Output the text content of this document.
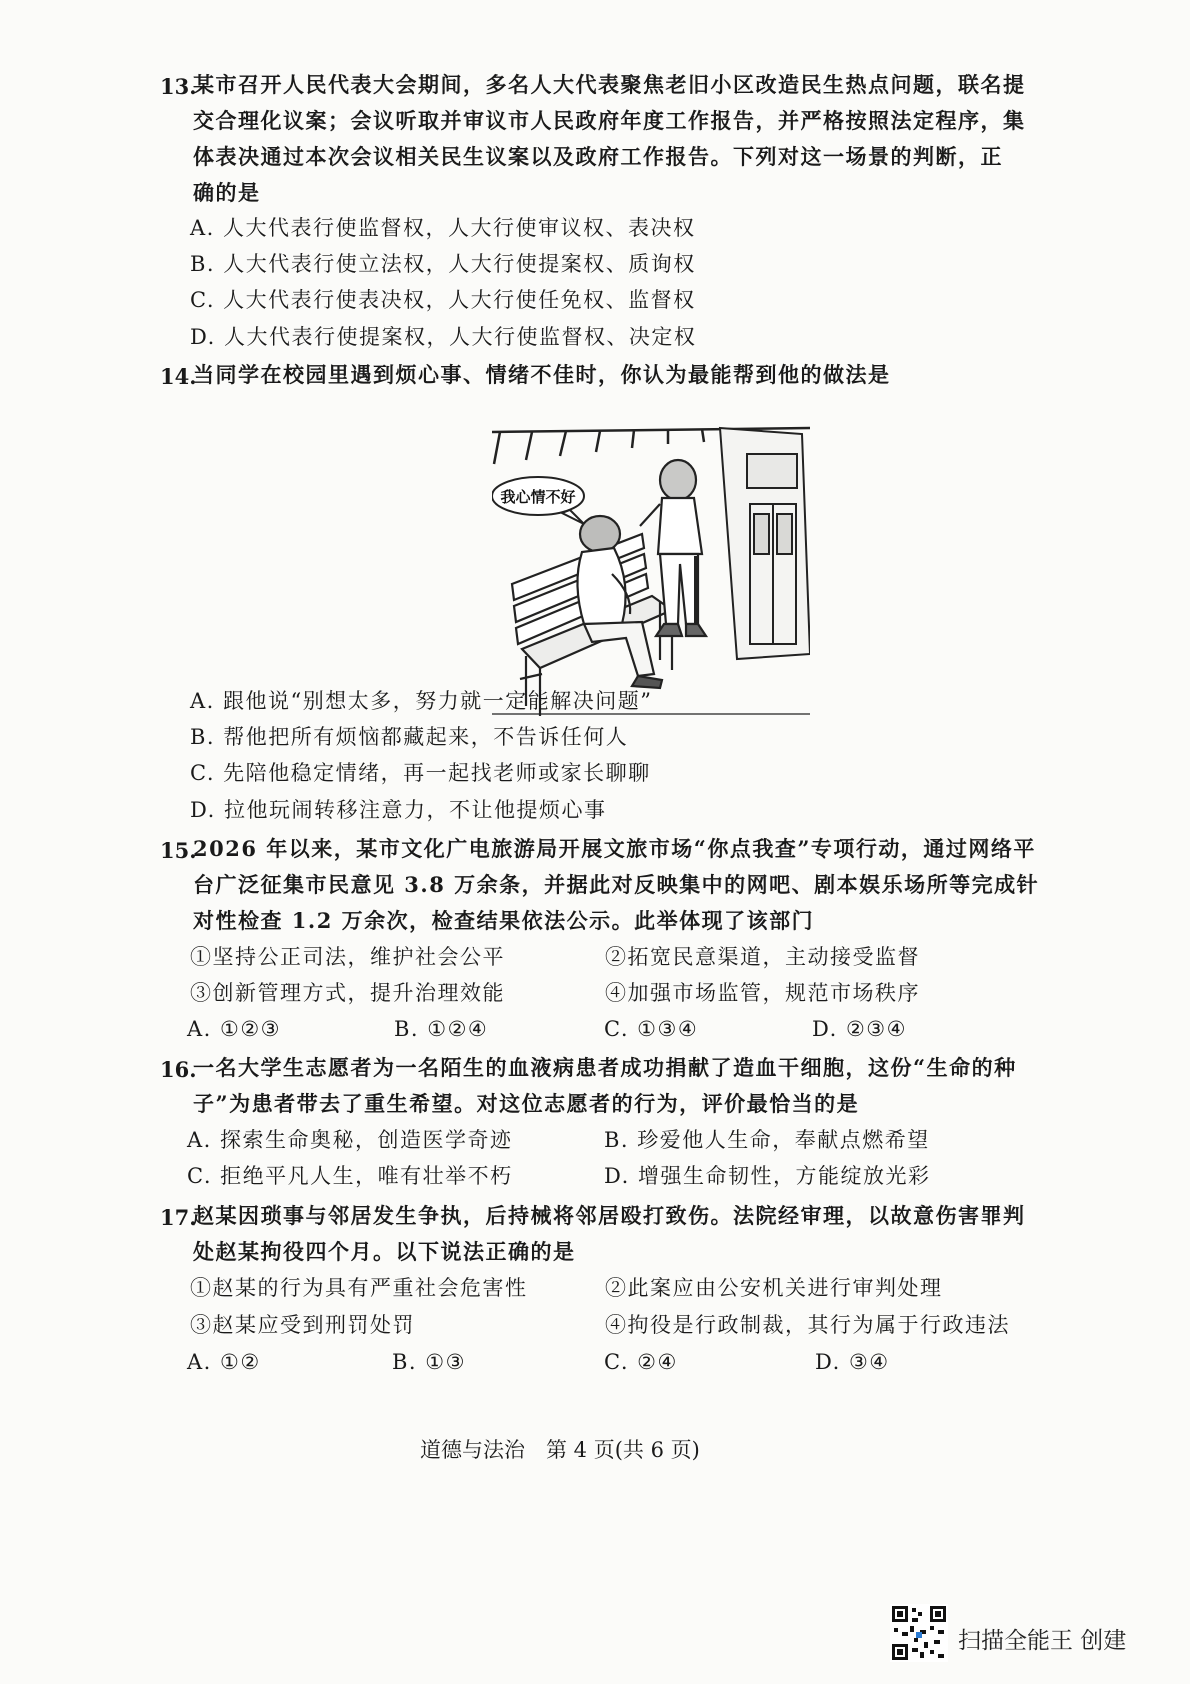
13.
某市召开人民代表大会期间，多名人大代表聚焦老旧小区改造民生热点问题，联名提
交合理化议案；会议听取并审议市人民政府年度工作报告，并严格按照法定程序，集
体表决通过本次会议相关民生议案以及政府工作报告。下列对这一场景的判断，正
确的是
A. 人大代表行使监督权，人大行使审议权、表决权
B. 人大代表行使立法权，人大行使提案权、质询权
C. 人大代表行使表决权，人大行使任免权、监督权
D. 人大代表行使提案权，人大行使监督权、决定权
14.
当同学在校园里遇到烦心事、情绪不佳时，你认为最能帮到他的做法是
我心情不好
A. 跟他说“别想太多，努力就一定能解决问题”
B. 帮他把所有烦恼都藏起来，不告诉任何人
C. 先陪他稳定情绪，再一起找老师或家长聊聊
D. 拉他玩闹转移注意力，不让他提烦心事
15.
2026 年以来，某市文化广电旅游局开展文旅市场“你点我查”专项行动，通过网络平
台广泛征集市民意见 3.8 万余条，并据此对反映集中的网吧、剧本娱乐场所等完成针
对性检查 1.2 万余次，检查结果依法公示。此举体现了该部门
①坚持公正司法，维护社会公平	②拓宽民意渠道，主动接受监督
③创新管理方式，提升治理效能	④加强市场监管，规范市场秩序
A. ①②③	B. ①②④	C. ①③④	D. ②③④
16.
一名大学生志愿者为一名陌生的血液病患者成功捐献了造血干细胞，这份“生命的种
子”为患者带去了重生希望。对这位志愿者的行为，评价最恰当的是
A. 探索生命奥秘，创造医学奇迹	B. 珍爱他人生命，奉献点燃希望
C. 拒绝平凡人生，唯有壮举不朽	D. 增强生命韧性，方能绽放光彩
17.
赵某因琐事与邻居发生争执，后持械将邻居殴打致伤。法院经审理，以故意伤害罪判
处赵某拘役四个月。以下说法正确的是
①赵某的行为具有严重社会危害性	②此案应由公安机关进行审判处理
③赵某应受到刑罚处罚	④拘役是行政制裁，其行为属于行政违法
A. ①②	B. ①③	C. ②④	D. ③④
道德与法治　第 4 页(共 6 页)
扫描全能王 创建
